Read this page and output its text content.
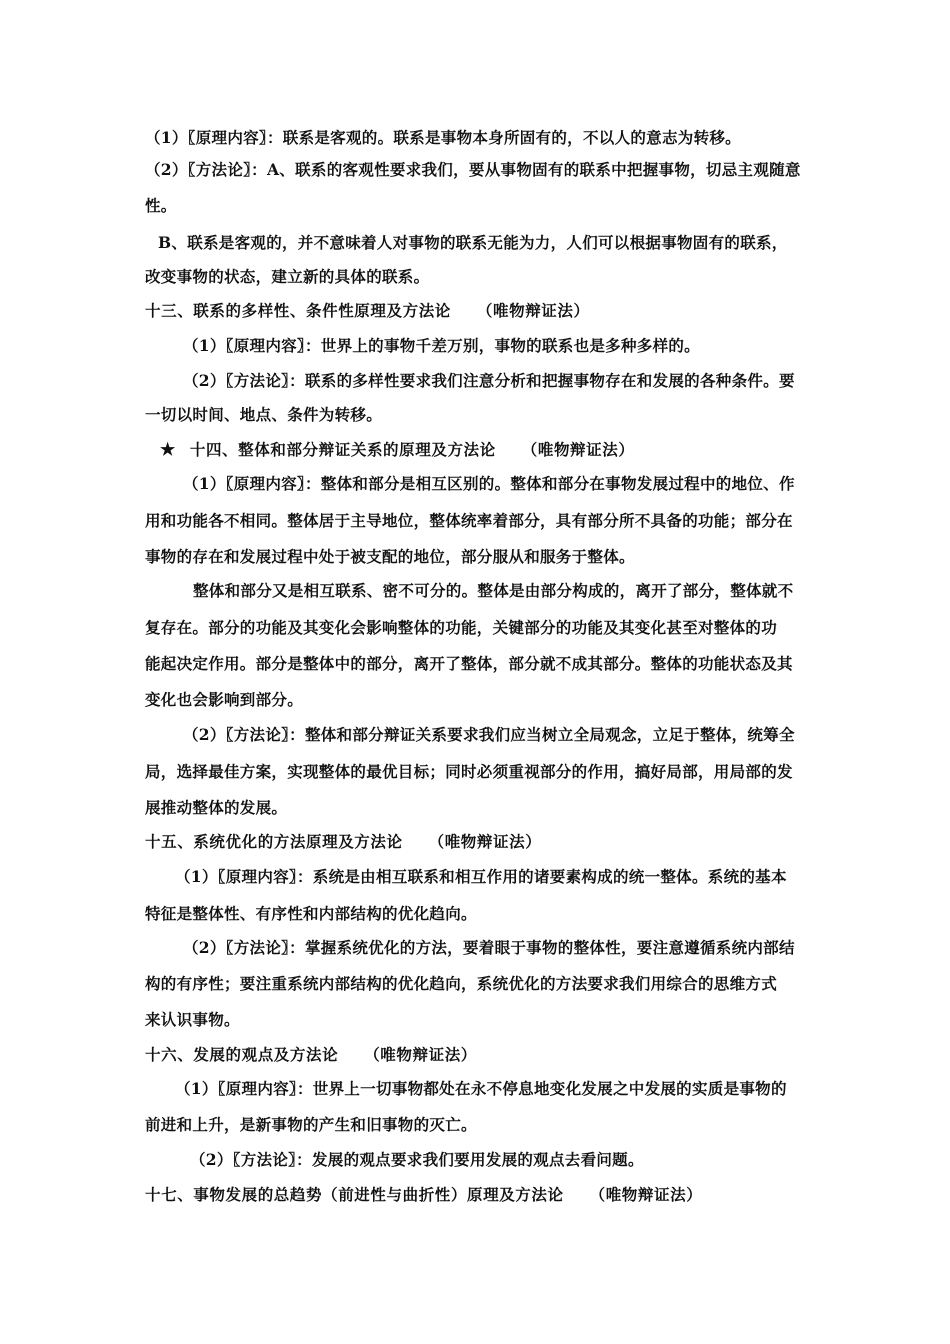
（1）〖原理内容〗：联系是客观的。联系是事物本身所固有的，不以人的意志为转移。
（2）〖方法论〗：A、联系的客观性要求我们，要从事物固有的联系中把握事物，切忌主观随意
性。
B、联系是客观的，并不意味着人对事物的联系无能为力，人们可以根据事物固有的联系，
改变事物的状态，建立新的具体的联系。
十三、联系的多样性、条件性原理及方法论 （唯物辩证法）
（1）〖原理内容〗：世界上的事物千差万别，事物的联系也是多种多样的。
（2）〖方法论〗：联系的多样性要求我们注意分析和把握事物存在和发展的各种条件。要
一切以时间、地点、条件为转移。
★ 十四、整体和部分辩证关系的原理及方法论 （唯物辩证法）
（1）〖原理内容〗：整体和部分是相互区别的。整体和部分在事物发展过程中的地位、作
用和功能各不相同。整体居于主导地位，整体统率着部分，具有部分所不具备的功能；部分在
事物的存在和发展过程中处于被支配的地位，部分服从和服务于整体。
整体和部分又是相互联系、密不可分的。整体是由部分构成的，离开了部分，整体就不
复存在。部分的功能及其变化会影响整体的功能，关键部分的功能及其变化甚至对整体的功
能起决定作用。部分是整体中的部分，离开了整体，部分就不成其部分。整体的功能状态及其
变化也会影响到部分。
（2）〖方法论〗：整体和部分辩证关系要求我们应当树立全局观念，立足于整体，统筹全
局，选择最佳方案，实现整体的最优目标；同时必须重视部分的作用，搞好局部，用局部的发
展推动整体的发展。
十五、系统优化的方法原理及方法论 （唯物辩证法）
（1）〖原理内容〗：系统是由相互联系和相互作用的诸要素构成的统一整体。系统的基本
特征是整体性、有序性和内部结构的优化趋向。
（2）〖方法论〗：掌握系统优化的方法，要着眼于事物的整体性，要注意遵循系统内部结
构的有序性；要注重系统内部结构的优化趋向，系统优化的方法要求我们用综合的思维方式
来认识事物。
十六、发展的观点及方法论 （唯物辩证法）
（1）〖原理内容〗：世界上一切事物都处在永不停息地变化发展之中发展的实质是事物的
前进和上升，是新事物的产生和旧事物的灭亡。
（2）〖方法论〗：发展的观点要求我们要用发展的观点去看问题。
十七、事物发展的总趋势（前进性与曲折性）原理及方法论 （唯物辩证法）
